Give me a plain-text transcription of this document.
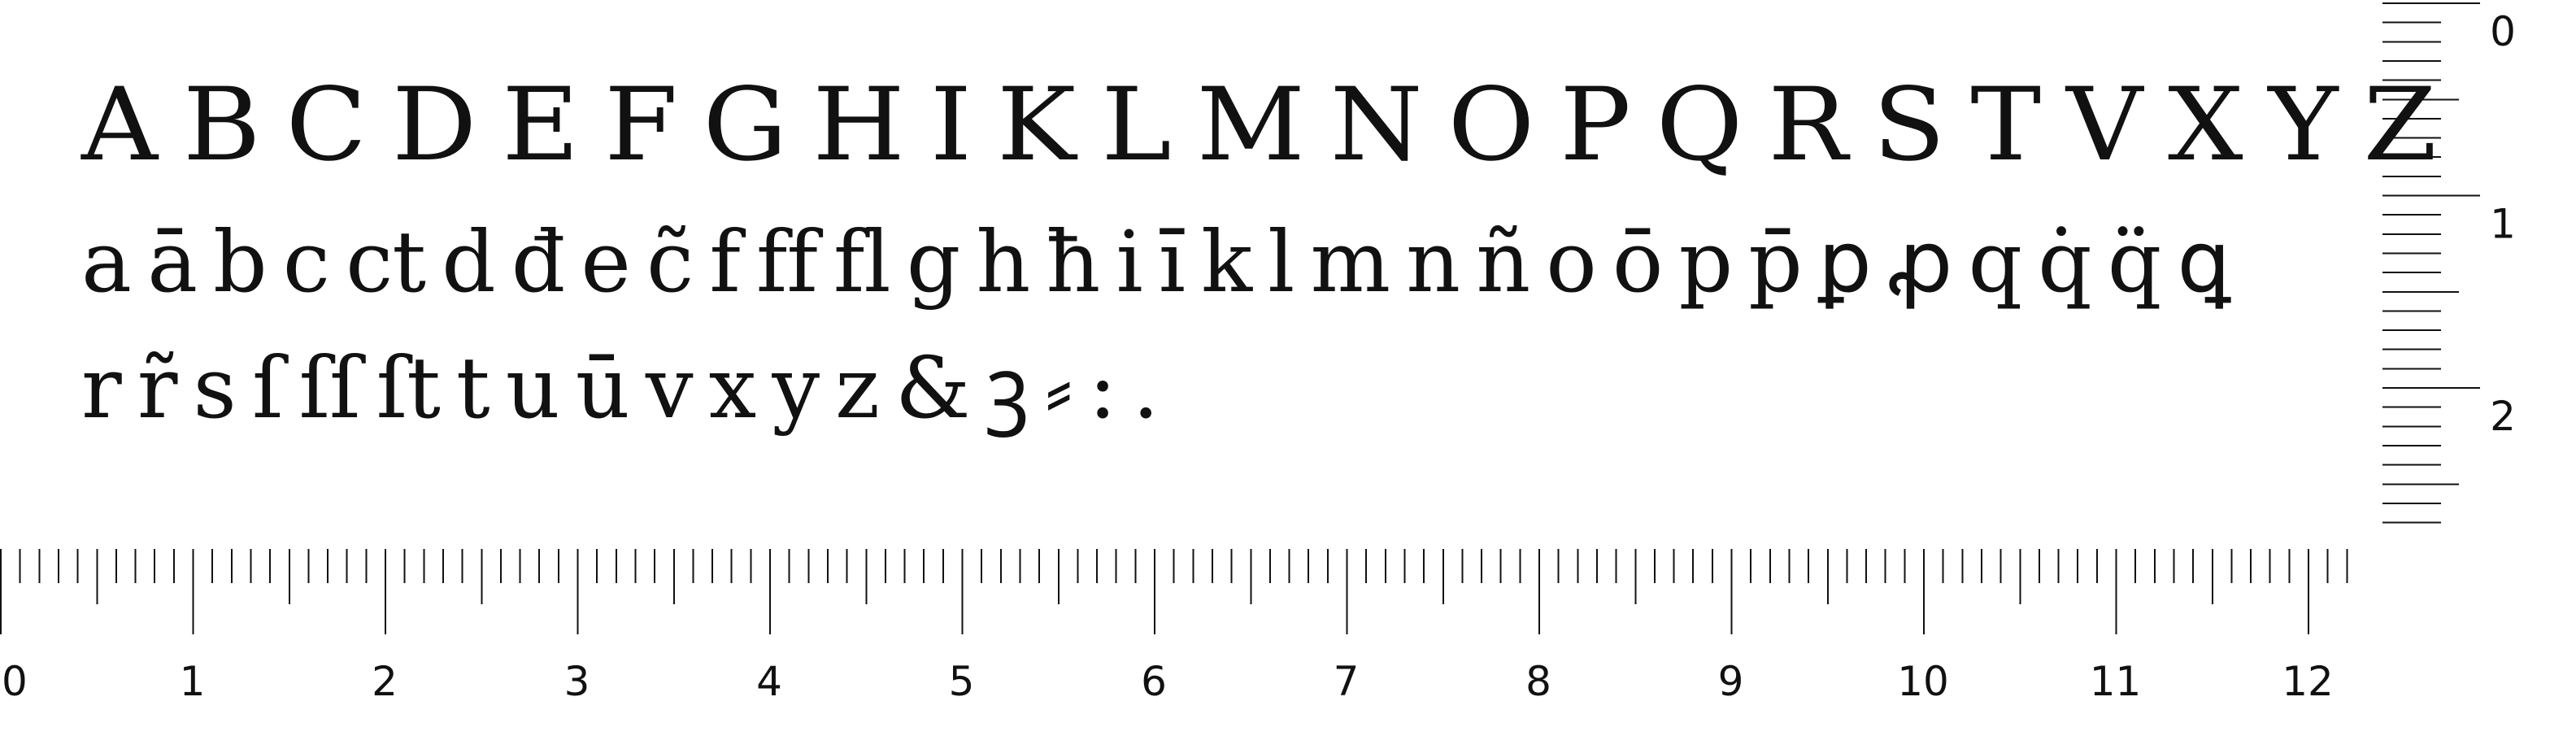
A B C D E F G H I K L M N O P Q R S T V X Y Z

a ā b c ct d đ e c̃ f ff fl g h ħ i ı̄ k l m n ñ o ō p p̄ ꝑ ꝓ q q̇ q̈ ꝗ

r r̃ s ſ ſſ ſt t u ū v x y z & ꝫ ⸗ : .

0	1	2	3	4	5	6	7	8	9	10	11	12
0
1
2
